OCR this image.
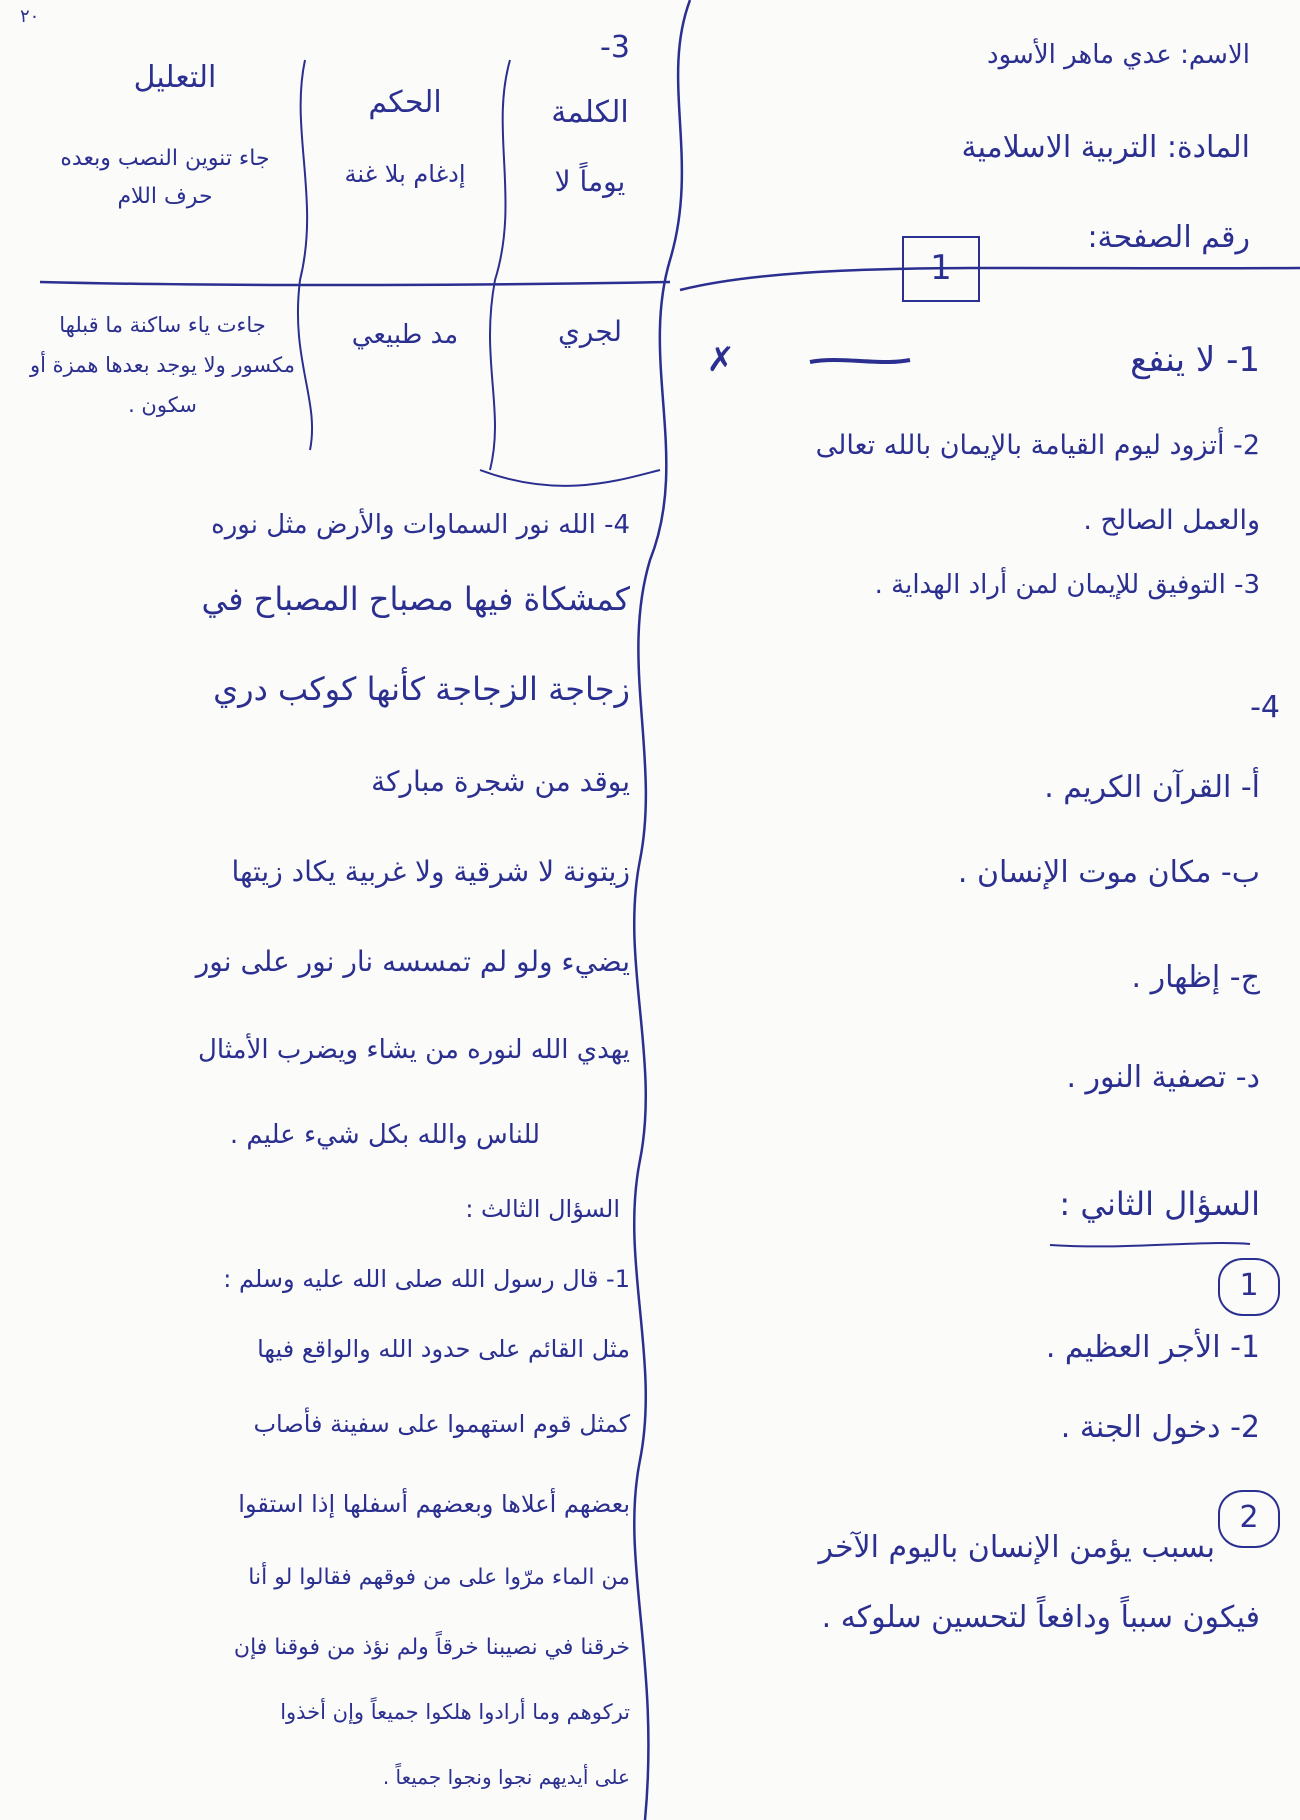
٢٠
الاسم: عدي ماهر الأسود
المادة: التربية الاسلامية
رقم الصفحة:
1
1- لا ينفع
✗
2- أتزود ليوم القيامة بالإيمان بالله تعالى
والعمل الصالح .
3- التوفيق للإيمان لمن أراد الهداية .
4-
أ- القرآن الكريم .
ب- مكان موت الإنسان .
ج- إظهار .
د- تصفية النور .
السؤال الثاني :
1
1- الأجر العظيم .
2- دخول الجنة .
2
بسبب يؤمن الإنسان باليوم الآخر
فيكون سبباً ودافعاً لتحسين سلوكه .
3-
الكلمة
الحكم
التعليل
يوماً لا
إدغام بلا غنة
جاء تنوين النصب وبعده حرف اللام
لجري
مد طبيعي
جاءت ياء ساكنة ما قبلها مكسور ولا يوجد بعدها همزة أو سكون .
4- الله نور السماوات والأرض مثل نوره
كمشكاة فيها مصباح المصباح في
زجاجة الزجاجة كأنها كوكب دري
يوقد من شجرة مباركة
زيتونة لا شرقية ولا غربية يكاد زيتها
يضيء ولو لم تمسسه نار نور على نور
يهدي الله لنوره من يشاء ويضرب الأمثال
للناس والله بكل شيء عليم .
السؤال الثالث :
1- قال رسول الله صلى الله عليه وسلم :
مثل القائم على حدود الله والواقع فيها
كمثل قوم استهموا على سفينة فأصاب
بعضهم أعلاها وبعضهم أسفلها إذا استقوا
من الماء مرّوا على من فوقهم فقالوا لو أنا
خرقنا في نصيبنا خرقاً ولم نؤذ من فوقنا فإن
تركوهم وما أرادوا هلكوا جميعاً وإن أخذوا
على أيديهم نجوا ونجوا جميعاً .
